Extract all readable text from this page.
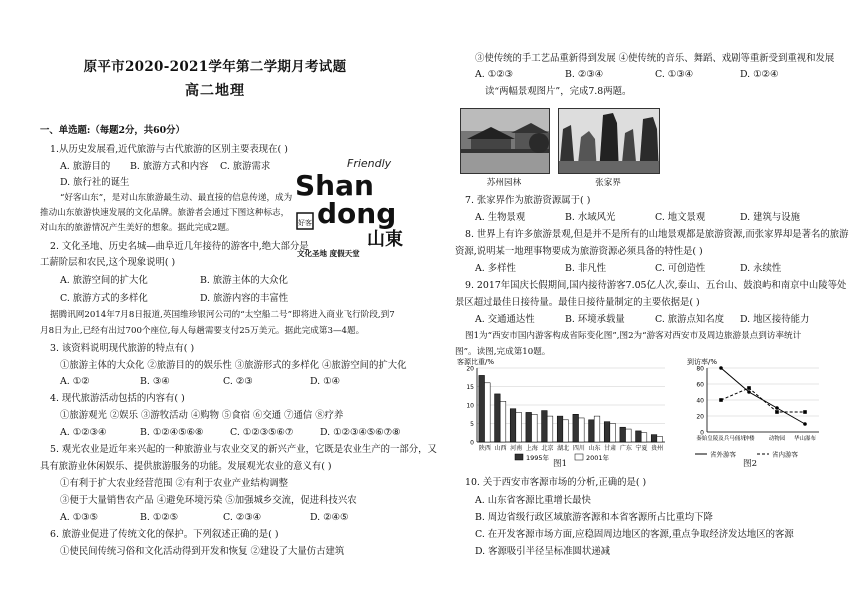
原平市2020-2021学年第二学期月考试题
高二地理
一、单选题:（每题2分，共60分）
1.从历史发展看,近代旅游与古代旅游的区别主要表现在( )
A. 旅游目的 B. 旅游方式和内容 C. 旅游需求
D. 旅行社的诞生
“好客山东”，是对山东旅游最生动、最直接的信息传递，成为
推动山东旅游快速发展的文化品牌。旅游者会通过下图这种标志，
对山东的旅游情况产生美好的想象。据此完成2题。
2. 文化圣地、历史名城—曲阜近几年接待的游客中,绝大部分是
工薪阶层和农民,这个现象说明( )
A. 旅游空间的扩大化	B. 旅游主体的大众化
C. 旅游方式的多样化	D. 旅游内容的丰富性
据腾讯网2014年7月8日报道,英国维珍银河公司的“太空船二号”即将进入商业飞行阶段,到7
月8日为止,已经有出过700个座位,每人每趟需要支付25万美元。据此完成第3—4题。
3. 该资料说明现代旅游的特点有( )
①旅游主体的大众化 ②旅游目的的娱乐性 ③旅游形式的多样化 ④旅游空间的扩大化
A. ①②	B. ③④	C. ②③	D. ①④
4. 现代旅游活动包括的内容有( )
①旅游观光 ②娱乐 ③游牧活动 ④购物 ⑤食宿 ⑥交通 ⑦通信 ⑧疗养
A. ①②③④	B. ①②④⑤⑥⑧	C. ①②③⑤⑥⑦	D. ①②③④⑤⑥⑦⑧
5. 观光农业是近年来兴起的一种旅游业与农业交叉的新兴产业，它既是农业生产的一部分，又
具有旅游业休闲娱乐、提供旅游服务的功能。发展观光农业的意义有( )
①有利于扩大农业经营范围 ②有利于农业产业结构调整
③便于大量销售农产品 ④避免环境污染 ⑤加强城乡交流，促进科技兴农
A. ①③⑤	B. ①②⑤	C. ②③④	D. ②④⑤
6. 旅游业促进了传统文化的保护。下列叙述正确的是( )
①使民间传统习俗和文化活动得到开发和恢复 ②建设了大量仿古建筑
Friendly
Shan
dong
好客
山東
文化圣地 度假天堂
③使传统的手工艺品重新得到发展 ④使传统的音乐、舞蹈、戏剧等重新受到重视和发展
A. ①②③	B. ②③④	C. ①③④	D. ①②④
读“两幅景观图片”，完成7.8两题。
苏州园林	张家界
7. 张家界作为旅游资源属于( )
A. 生物景观	B. 水域风光	C. 地文景观	D. 建筑与设施
8. 世界上有许多旅游景观,但是并不是所有的山地景观都是旅游资源,而张家界却是著名的旅游
资源,说明某一地理事物要成为旅游资源必须具备的特性是( )
A. 多样性	B. 非凡性	C. 可创造性	D. 永续性
9. 2017年国庆长假期间,国内接待游客7.05亿人次,泰山、五台山、鼓浪屿和南京中山陵等处
景区超过最佳日接待量。最佳日接待量制定的主要依据是( )
A. 交通通达性	B. 环境承载量	C. 旅游点知名度 D. 地区接待能力
图1为“西安市国内游客构成省际变化图”,图2为“游客对西安市及周边旅游景点到访率统计
图”。读图,完成第10题。
客源比重/%
0
5
10
15
20
陕西 山西 河南 上海 北京 湖北 四川 山东 甘肃 广东 宁夏 贵州
1995年	2001年
图1
到访率/%
0
20
40
60
80
秦始皇陵及兵马俑坑
钟楼	动物园 华山瀑布
省外游客	省内游客
图2
10. 关于西安市客源市场的分析,正确的是( )
A. 山东省客源比重增长最快
B. 周边省级行政区域旅游客源和本省客源所占比重均下降
C. 在开发客源市场方面,应稳固周边地区的客源,重点争取经济发达地区的客源
D. 客源吸引半径呈标准圆状递减
